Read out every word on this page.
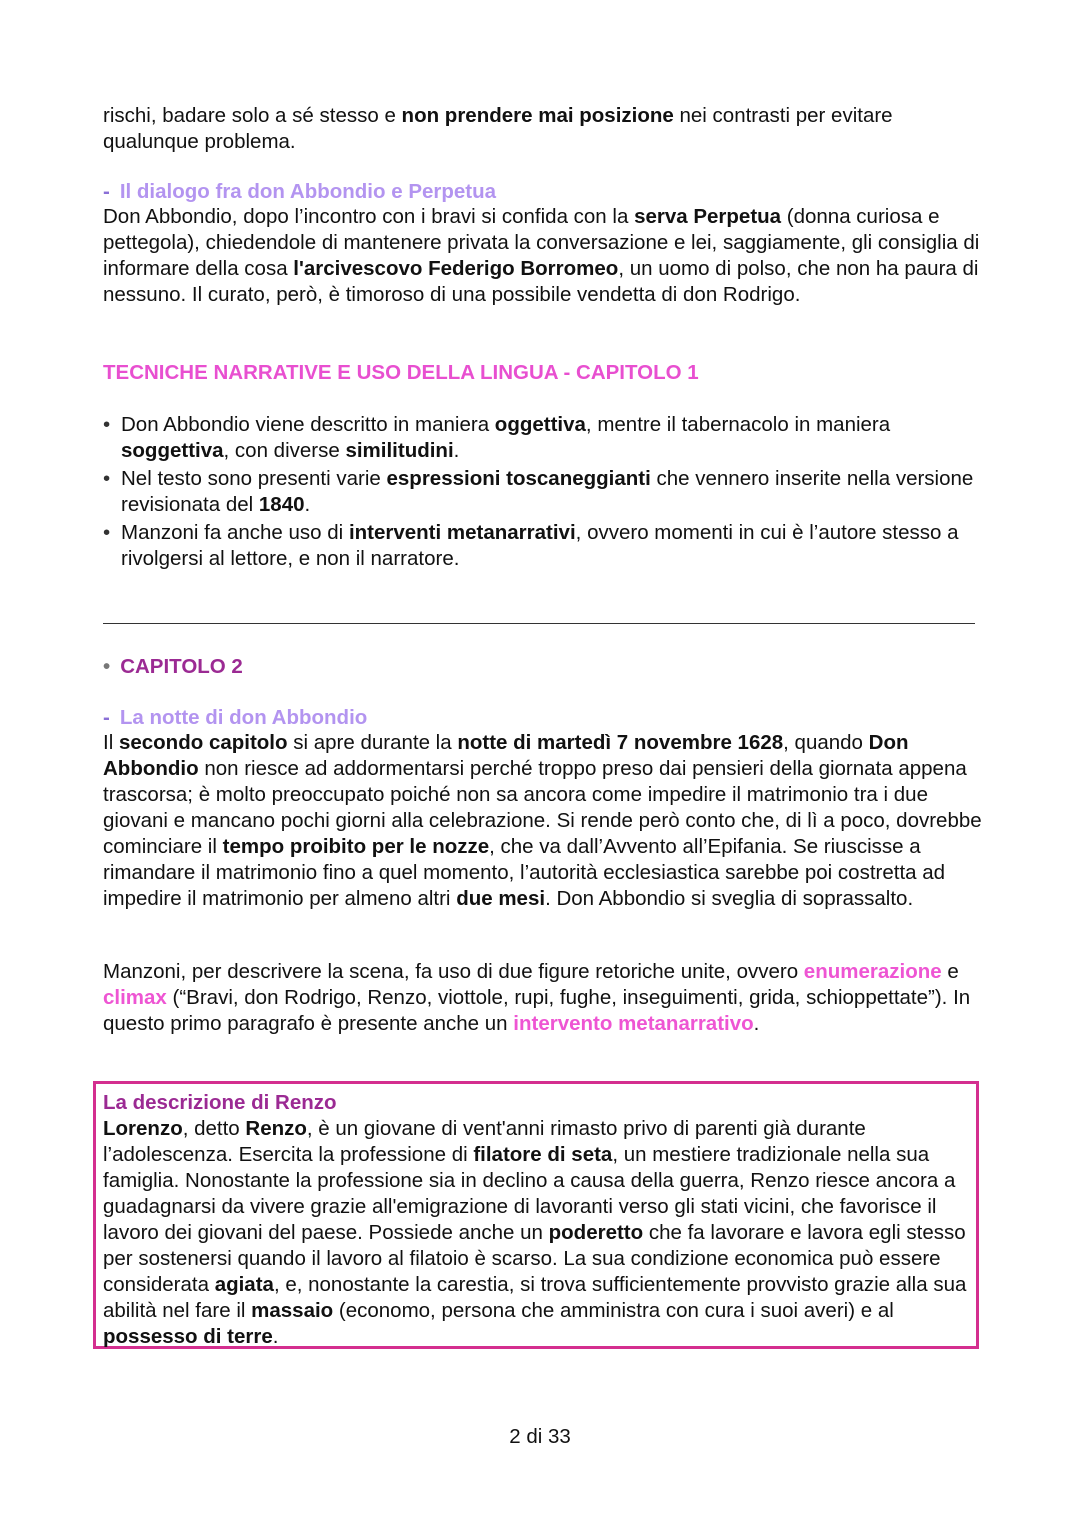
rischi, badare solo a sé stesso e non prendere mai posizione nei contrasti per evitare qualunque problema.

- Il dialogo fra don Abbondio e Perpetua

Don Abbondio, dopo l’incontro con i bravi si confida con la serva Perpetua (donna curiosa e pettegola), chiedendole di mantenere privata la conversazione e lei, saggiamente, gli consiglia di informare della cosa l'arcivescovo Federigo Borromeo, un uomo di polso, che non ha paura di nessuno. Il curato, però, è timoroso di una possibile vendetta di don Rodrigo.

TECNICHE NARRATIVE E USO DELLA LINGUA - CAPITOLO 1
• Don Abbondio viene descritto in maniera oggettiva, mentre il tabernacolo in maniera soggettiva, con diverse similitudini.
• Nel testo sono presenti varie espressioni toscaneggianti che vennero inserite nella versione revisionata del 1840.
• Manzoni fa anche uso di interventi metanarrativi, ovvero momenti in cui è l’autore stesso a rivolgersi al lettore, e non il narratore.
• CAPITOLO 2
- La notte di don Abbondio

Il secondo capitolo si apre durante la notte di martedì 7 novembre 1628, quando Don Abbondio non riesce ad addormentarsi perché troppo preso dai pensieri della giornata appena trascorsa; è molto preoccupato poiché non sa ancora come impedire il matrimonio tra i due giovani e mancano pochi giorni alla celebrazione. Si rende però conto che, di lì a poco, dovrebbe cominciare il tempo proibito per le nozze, che va dall’Avvento all’Epifania. Se riuscisse a rimandare il matrimonio fino a quel momento, l’autorità ecclesiastica sarebbe poi costretta ad impedire il matrimonio per almeno altri due mesi. Don Abbondio si sveglia di soprassalto.

Manzoni, per descrivere la scena, fa uso di due figure retoriche unite, ovvero enumerazione e climax (“Bravi, don Rodrigo, Renzo, viottole, rupi, fughe, inseguimenti, grida, schioppettate”). In questo primo paragrafo è presente anche un intervento metanarrativo.

La descrizione di Renzo

Lorenzo, detto Renzo, è un giovane di vent'anni rimasto privo di parenti già durante l’adolescenza. Esercita la professione di filatore di seta, un mestiere tradizionale nella sua famiglia. Nonostante la professione sia in declino a causa della guerra, Renzo riesce ancora a guadagnarsi da vivere grazie all'emigrazione di lavoranti verso gli stati vicini, che favorisce il lavoro dei giovani del paese. Possiede anche un poderetto che fa lavorare e lavora egli stesso per sostenersi quando il lavoro al filatoio è scarso. La sua condizione economica può essere considerata agiata, e, nonostante la carestia, si trova sufficientemente provvisto grazie alla sua abilità nel fare il massaio (economo, persona che amministra con cura i suoi averi) e al possesso di terre.

2 di 33
